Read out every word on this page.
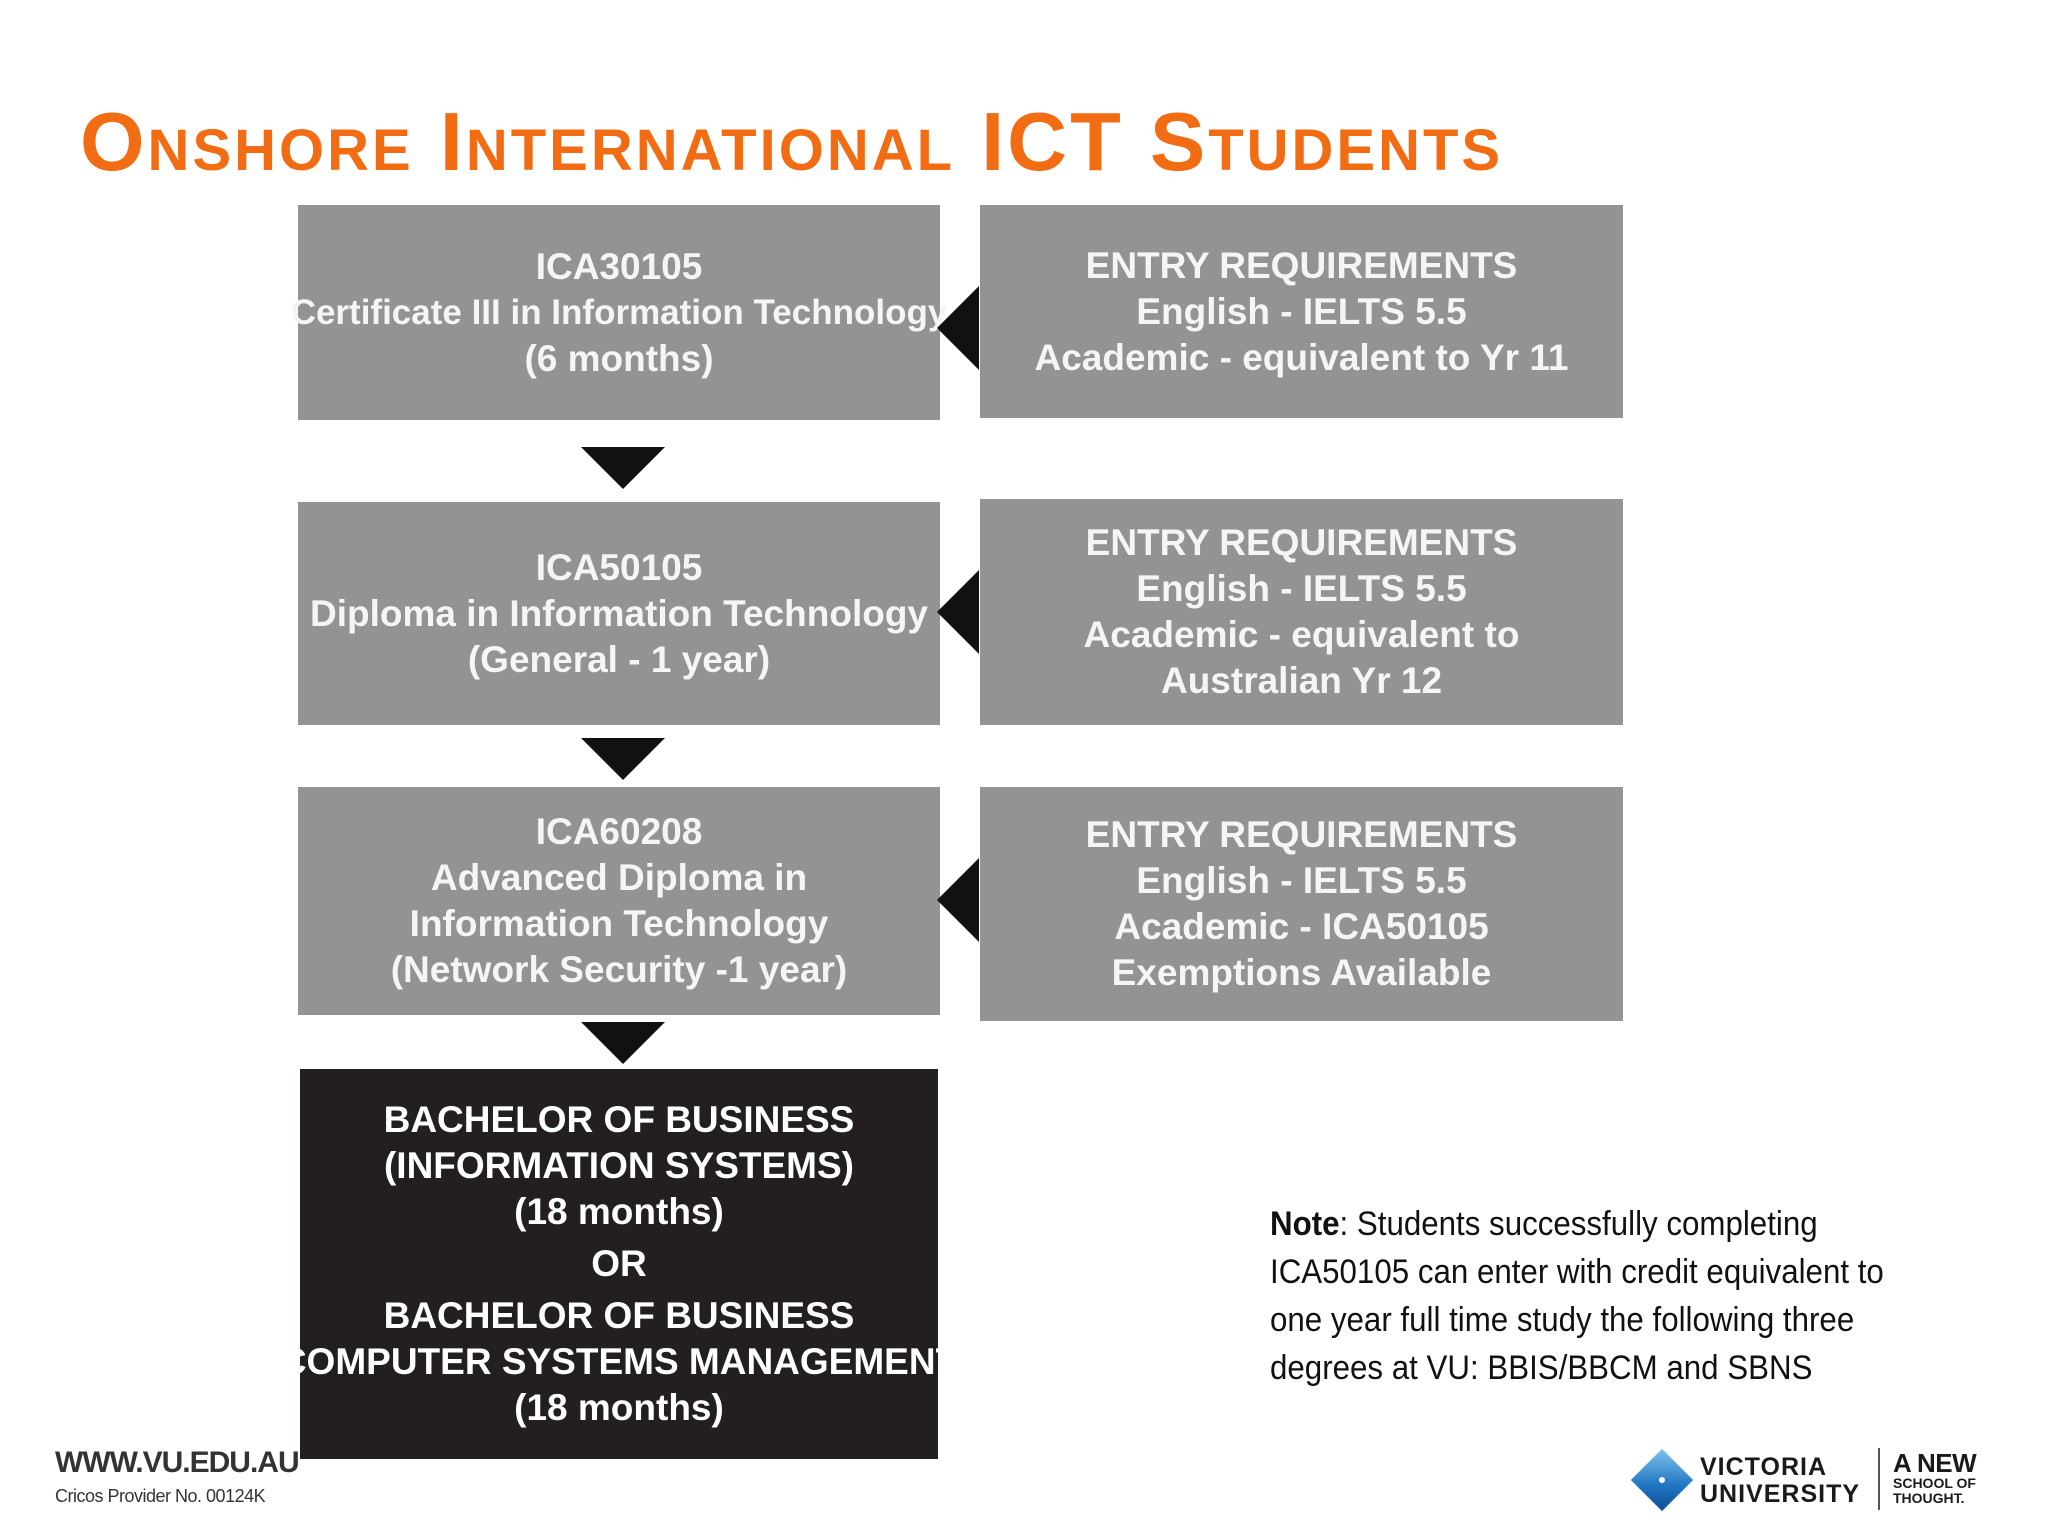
Onshore International ICT Students
ICA30105
Certificate III in Information Technology
(6 months)
ENTRY REQUIREMENTS
English - IELTS 5.5
Academic - equivalent to Yr 11
ICA50105
Diploma in Information Technology
(General - 1 year)
ENTRY REQUIREMENTS
English - IELTS 5.5
Academic - equivalent to
Australian Yr 12
ICA60208
Advanced Diploma in
Information Technology
(Network Security -1 year)
ENTRY REQUIREMENTS
English - IELTS 5.5
Academic - ICA50105
Exemptions Available
BACHELOR OF BUSINESS
(INFORMATION SYSTEMS)
(18 months)
OR
BACHELOR OF BUSINESS
(COMPUTER SYSTEMS MANAGEMENT)
(18 months)
Note: Students successfully completing ICA50105 can enter with credit equivalent to one year full time study the following three degrees at VU: BBIS/BBCM and SBNS
WWW.VU.EDU.AU
Cricos Provider No. 00124K
VICTORIA
UNIVERSITY
A NEW
SCHOOL OF
THOUGHT.
